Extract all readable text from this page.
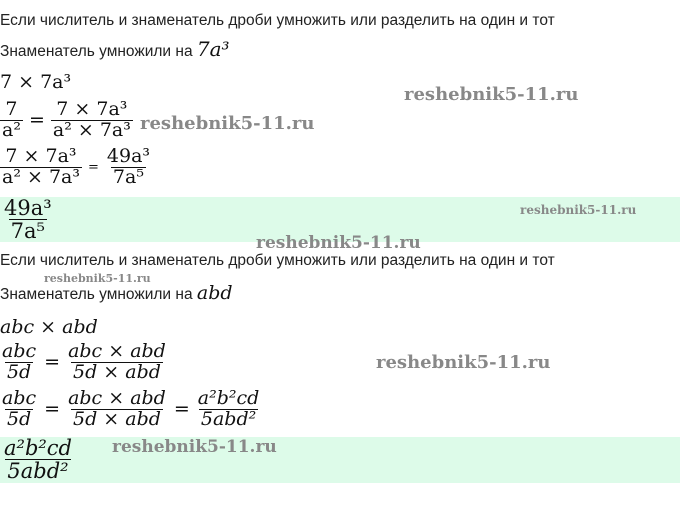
Если числитель и знаменатель дроби умножить или разделить на один и тот
Знаменатель умножили на 7a³
7 × 7a³
$\frac{7}{\text{a²}} = \frac{\text{7 × 7a³}}{\text{a² × 7a³}}$
$\frac{\text{7 × 7a³}}{\text{a² × 7a³}} = \frac{\text{49a³}}{\text{7a⁵}}$
$\frac{\text{49a³}}{\text{7a⁵}}$
Если числитель и знаменатель дроби умножить или разделить на один и тот
Знаменатель умножили на abd
abc × abd
$\frac{\text{abc}}{5d} = \frac{\text{abc × abd}}{\text{5d × abd}}$
$\frac{\text{abc}}{5d} = \frac{\text{abc × abd}}{\text{5d × abd}} = \frac{\text{a²b²cd}}{\text{5abd²}}$
$\frac{\text{a²b²cd}}{\text{5abd²}}$
reshebnik5-11.ru
reshebnik5-11.ru
reshebnik5-11.ru
reshebnik5-11.ru
reshebnik5-11.ru
reshebnik5-11.ru
reshebnik5-11.ru
